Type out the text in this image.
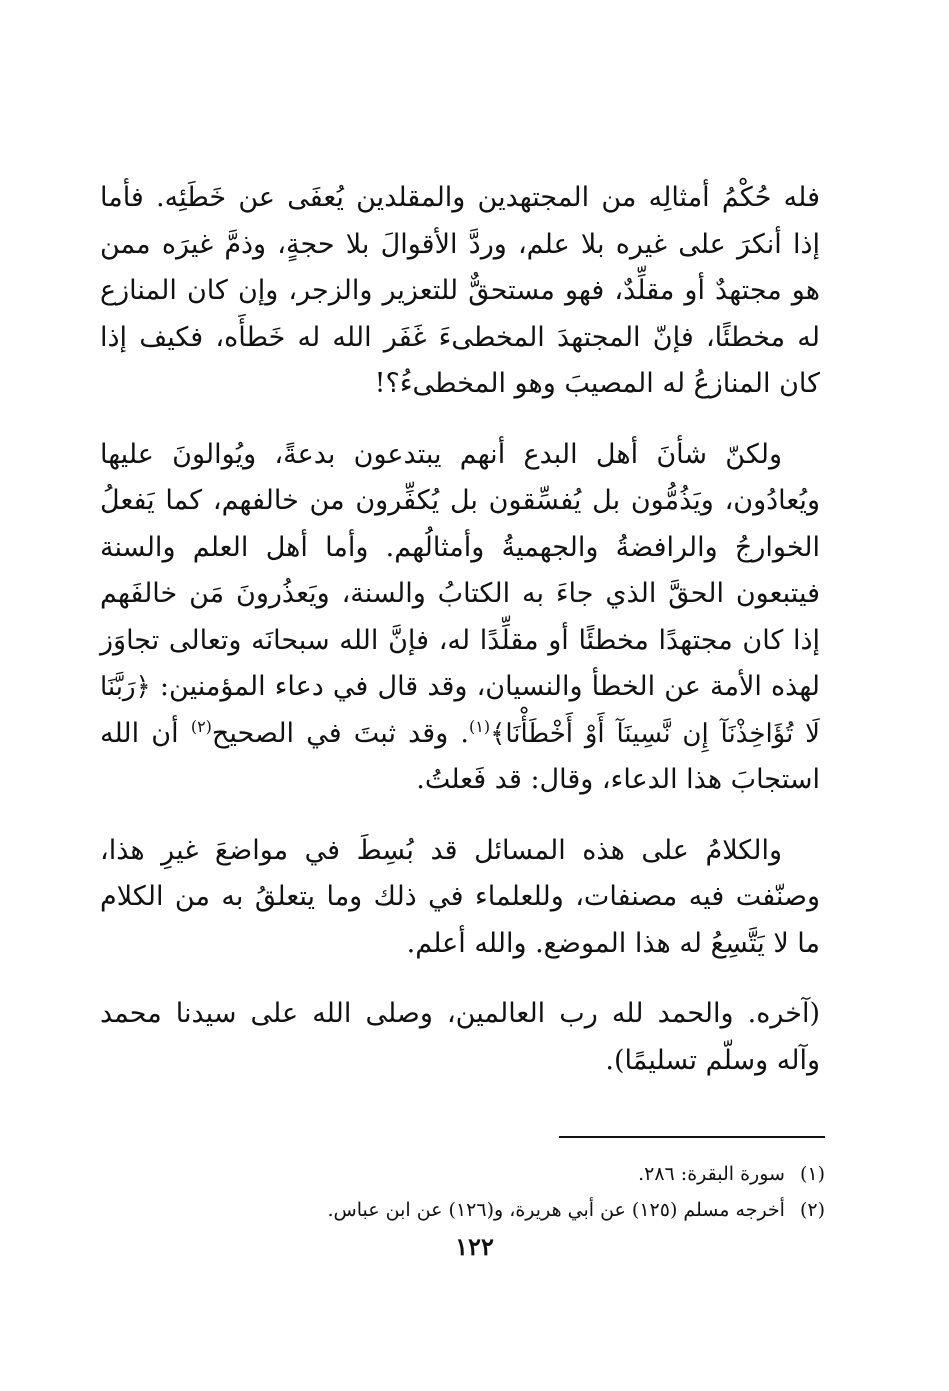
فله حُكْمُ أمثالِه من المجتهدين والمقلدين يُعفَى عن خَطَئِه. فأما إذا أنكرَ على غيره بلا علم، وردَّ الأقوالَ بلا حجةٍ، وذمَّ غيرَه ممن هو مجتهدٌ أو مقلِّدٌ، فهو مستحقٌّ للتعزير والزجر، وإن كان المنازع له مخطئًا، فإنّ المجتهدَ المخطىءَ غَفَر الله له خَطأَه، فكيف إذا كان المنازعُ له المصيبَ وهو المخطىءُ؟!

ولكنّ شأنَ أهل البدع أنهم يبتدعون بدعةً، ويُوالونَ عليها ويُعادُون، ويَذُمُّون بل يُفسِّقون بل يُكفِّرون من خالفهم، كما يَفعلُ الخوارجُ والرافضةُ والجهميةُ وأمثالُهم. وأما أهل العلم والسنة فيتبعون الحقَّ الذي جاءَ به الكتابُ والسنة، ويَعذُرونَ مَن خالفَهم إذا كان مجتهدًا مخطئًا أو مقلِّدًا له، فإنَّ الله سبحانَه وتعالى تجاوَز لهذه الأمة عن الخطأ والنسيان، وقد قال في دعاء المؤمنين: ﴿رَبَّنَا لَا تُؤَاخِذْنَآ إِن نَّسِينَآ أَوْ أَخْطَأْنَا﴾$^{(١)}$. وقد ثبتَ في الصحيح$^{(٢)}$ أن الله استجابَ هذا الدعاء، وقال: قد فَعلتُ.

والكلامُ على هذه المسائل قد بُسِطَ في مواضعَ غيرِ هذا، وصنّفت فيه مصنفات، وللعلماء في ذلك وما يتعلقُ به من الكلام ما لا يَتَّسِعُ له هذا الموضع. والله أعلم.

(آخره. والحمد لله رب العالمين، وصلى الله على سيدنا محمد وآله وسلّم تسليمًا).

(١) سورة البقرة: ٢٨٦.

(٢) أخرجه مسلم (١٢٥) عن أبي هريرة، و(١٢٦) عن ابن عباس.

١٢٢
